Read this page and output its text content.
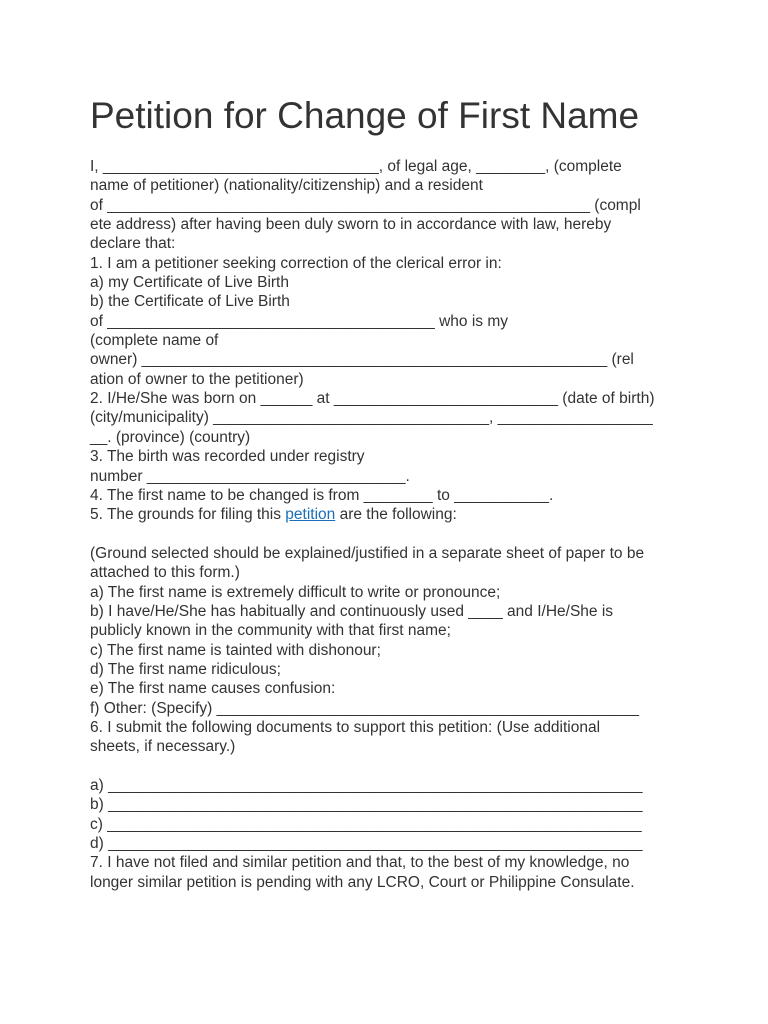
Petition for Change of First Name
I, ________________________________, of legal age, ________, (complete
name of petitioner) (nationality/citizenship) and a resident
of ________________________________________________________ (compl
ete address) after having been duly sworn to in accordance with law, hereby
declare that:
1. I am a petitioner seeking correction of the clerical error in:
a) my Certificate of Live Birth
b) the Certificate of Live Birth
of ______________________________________ who is my
(complete name of
owner) ______________________________________________________ (rel
ation of owner to the petitioner)
2. I/He/She was born on ______ at __________________________ (date of birth)
(city/municipality) ________________________________, __________________
__. (province) (country)
3. The birth was recorded under registry
number ______________________________.
4. The first name to be changed is from ________ to ___________.
5. The grounds for filing this petition are the following:
(Ground selected should be explained/justified in a separate sheet of paper to be
attached to this form.)
a) The first name is extremely difficult to write or pronounce;
b) I have/He/She has habitually and continuously used ____ and I/He/She is
publicly known in the community with that first name;
c) The first name is tainted with dishonour;
d) The first name ridiculous;
e) The first name causes confusion:
f) Other: (Specify) _________________________________________________
6. I submit the following documents to support this petition: (Use additional
sheets, if necessary.)
a) ______________________________________________________________
b) ______________________________________________________________
c) ______________________________________________________________
d) ______________________________________________________________
7. I have not filed and similar petition and that, to the best of my knowledge, no
longer similar petition is pending with any LCRO, Court or Philippine Consulate.
